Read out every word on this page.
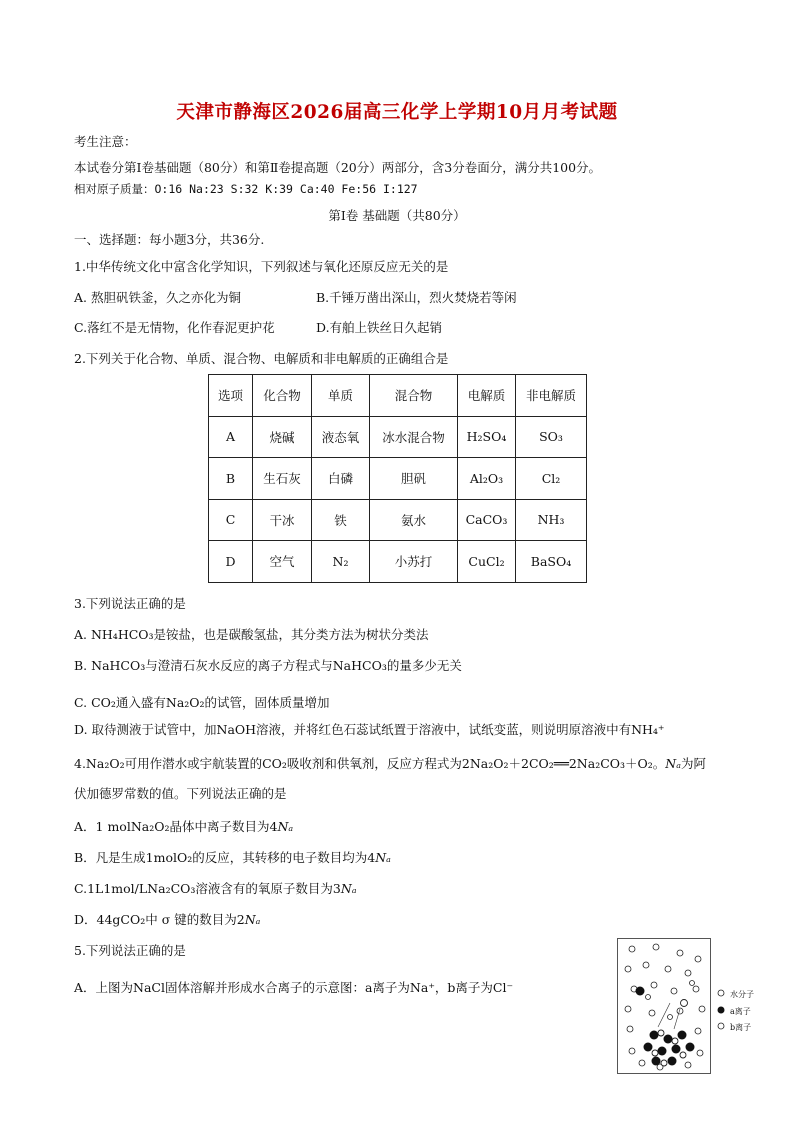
天津市静海区2026届高三化学上学期10月月考试题
考生注意：
本试卷分第Ⅰ卷基础题（80分）和第Ⅱ卷提高题（20分）两部分，含3分卷面分，满分共100分。
相对原子质量：O:16 Na:23 S:32 K:39 Ca:40 Fe:56 I:127
第Ⅰ卷 基础题（共80分）
一、选择题：每小题3分，共36分.
1.中华传统文化中富含化学知识，下列叙述与氧化还原反应无关的是
A. 熬胆矾铁釜，久之亦化为铜	B.千锤万凿出深山，烈火焚烧若等闲
C.落红不是无情物，化作春泥更护花	D.有舶上铁丝日久起销
2.下列关于化合物、单质、混合物、电解质和非电解质的正确组合是
选项	化合物	单质	混合物	电解质	非电解质
A	烧碱	液态氧	冰水混合物	H₂SO₄	SO₃
B	生石灰	白磷	胆矾	Al₂O₃	Cl₂
C	干冰	铁	氨水	CaCO₃	NH₃
D	空气	N₂	小苏打	CuCl₂	BaSO₄
3.下列说法正确的是
A. NH₄HCO₃是铵盐，也是碳酸氢盐，其分类方法为树状分类法
B. NaHCO₃与澄清石灰水反应的离子方程式与NaHCO₃的量多少无关
C. CO₂通入盛有Na₂O₂的试管，固体质量增加
D. 取待测液于试管中，加NaOH溶液，并将红色石蕊试纸置于溶液中，试纸变蓝，则说明原溶液中有NH₄⁺
4.Na₂O₂可用作潜水或宇航装置的CO₂吸收剂和供氧剂，反应方程式为2Na₂O₂＋2CO₂══2Na₂CO₃＋O₂。Nₐ为阿
伏加德罗常数的值。下列说法正确的是
A．1 molNa₂O₂晶体中离子数目为4Nₐ
B．凡是生成1molO₂的反应，其转移的电子数目均为4Nₐ
C.1L1mol/LNa₂CO₃溶液含有的氧原子数目为3Nₐ
D．44gCO₂中 σ 键的数目为2Nₐ
5.下列说法正确的是
A．上图为NaCl固体溶解并形成水合离子的示意图：a离子为Na⁺，b离子为Cl⁻	水分子
a离子
b离子
